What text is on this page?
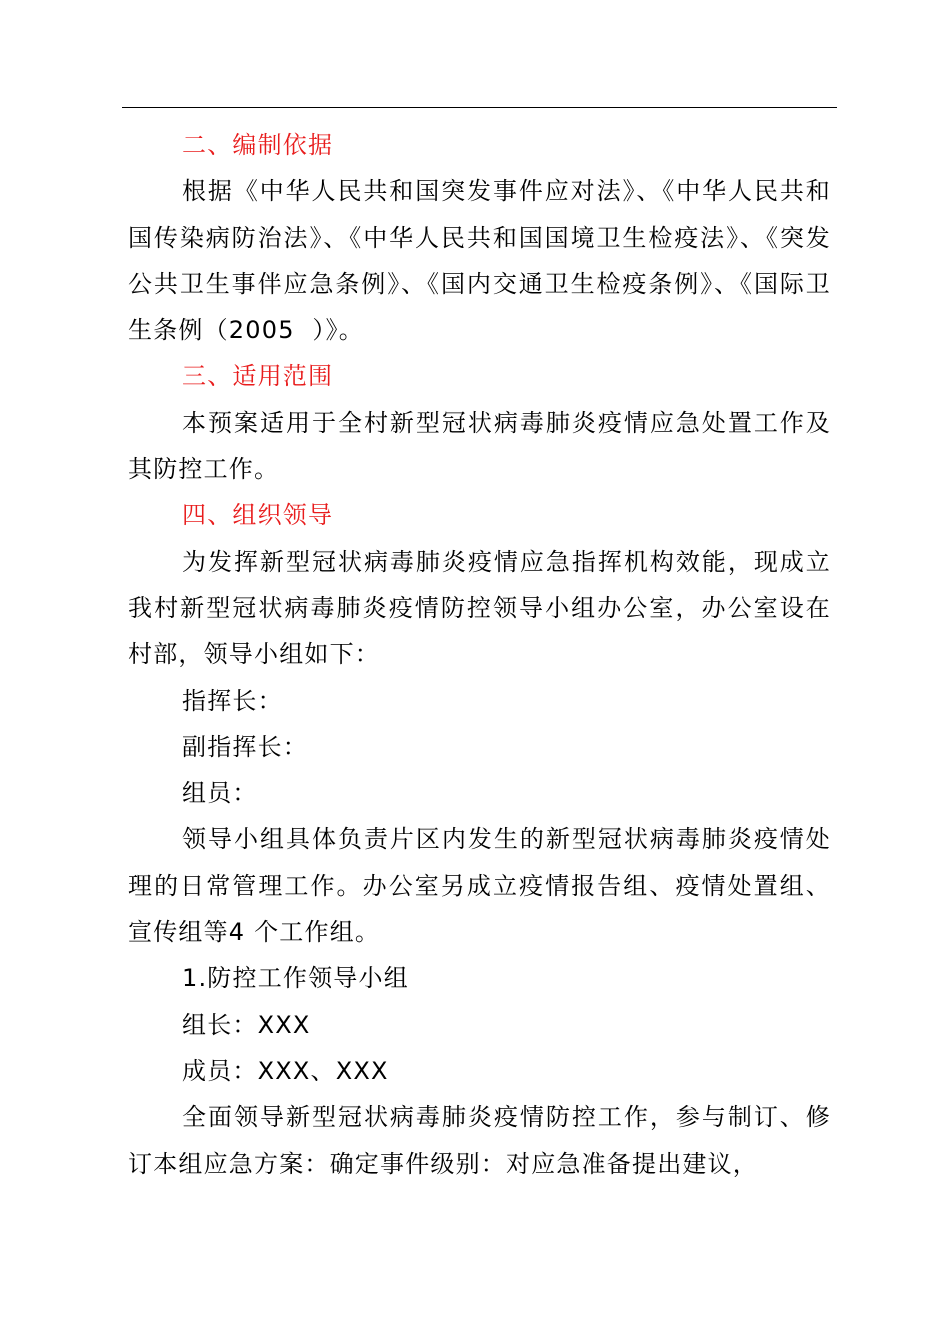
二、编制依据

根据《中华人民共和国突发事件应对法》、《中华人民共和国传染病防治法》、《中华人民共和国国境卫生检疫法》、《突发公共卫生事伴应急条例》、《国内交通卫生检疫条例》、《国际卫生条例（2005  ）》。

三、适用范围

本预案适用于全村新型冠状病毒肺炎疫情应急处置工作及其防控工作。

四、组织领导

为发挥新型冠状病毒肺炎疫情应急指挥机构效能，现成立我村新型冠状病毒肺炎疫情防控领导小组办公室，办公室设在村部，领导小组如下：

指挥长：

副指挥长：

组员：

领导小组具体负责片区内发生的新型冠状病毒肺炎疫情处理的日常管理工作。办公室另成立疫情报告组、疫情处置组、宣传组等4 个工作组。

1.防控工作领导小组

组长：XXX

成员：XXX、XXX

全面领导新型冠状病毒肺炎疫情防控工作，参与制订、修订本组应急方案：确定事件级别：对应急准备提出建议，
